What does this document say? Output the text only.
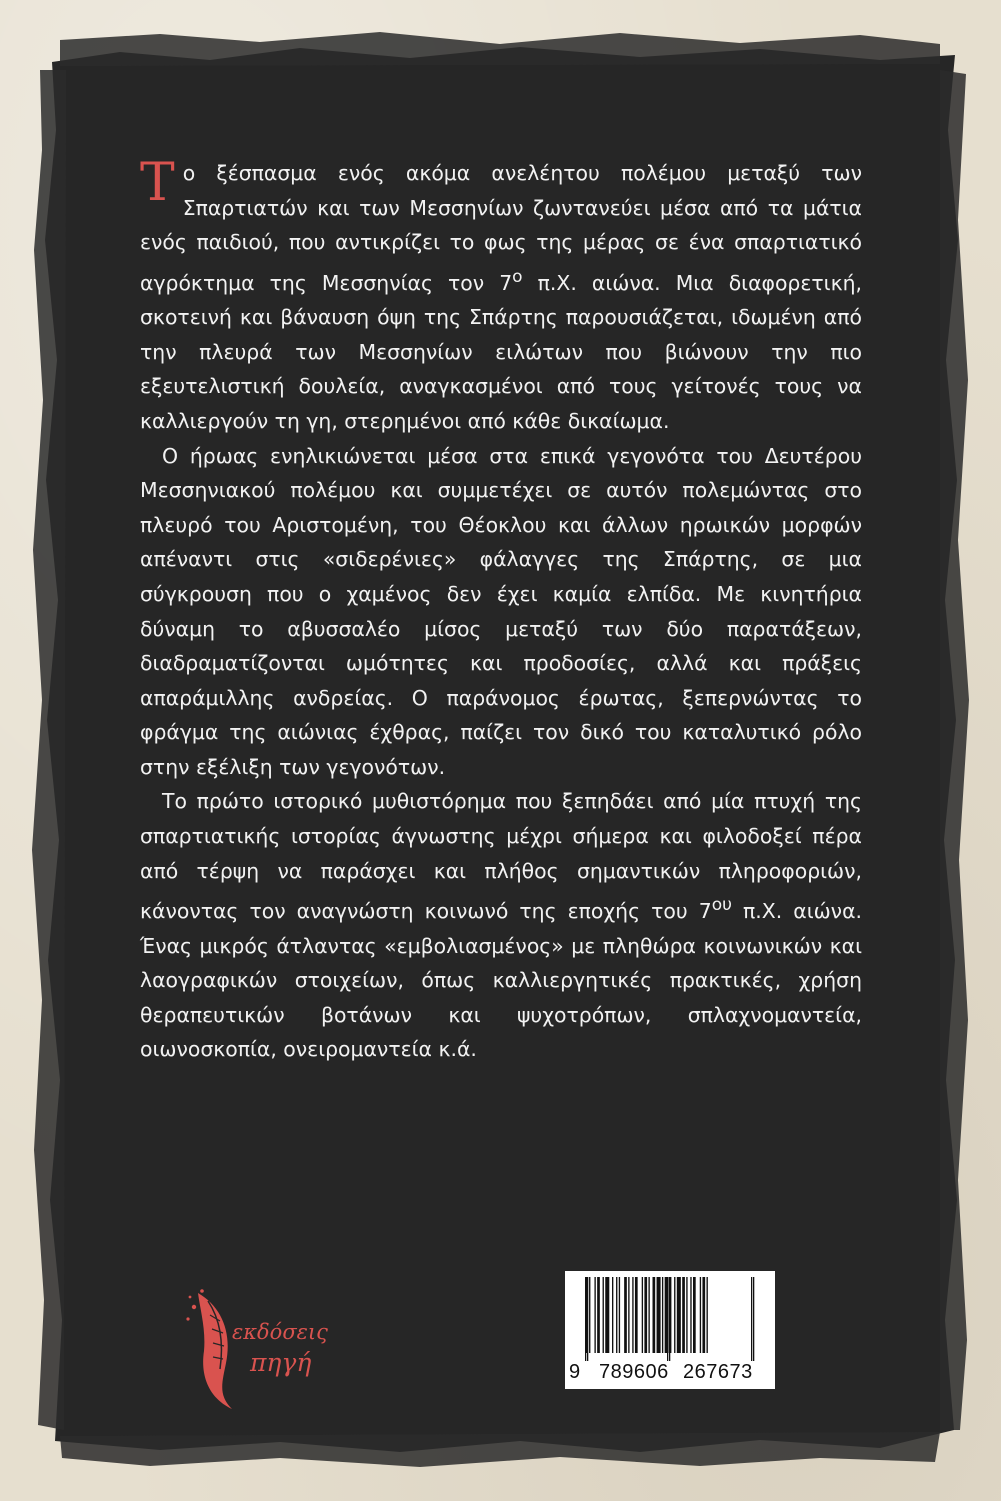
Το ξέσπασμα ενός ακόμα ανελέητου πολέμου μεταξύ των Σπαρτιατών και των Μεσσηνίων ζωντανεύει μέσα από τα μάτια ενός παιδιού, που αντικρίζει το φως της μέρας σε ένα σπαρτιατικό αγρόκτημα της Μεσσηνίας τον $7^o$ π.Χ. αιώνα. Μια διαφορετική, σκοτεινή και βάναυση όψη της Σπάρτης παρουσιάζεται, ιδωμένη από την πλευρά των Μεσσηνίων ειλώτων που βιώνουν την πιο εξευτελιστική δουλεία, αναγκασμένοι από τους γείτονές τους να καλλιεργούν τη γη, στερημένοι από κάθε δικαίωμα.

Ο ήρωας ενηλικιώνεται μέσα στα επικά γεγονότα του Δευτέρου Μεσσηνιακού πολέμου και συμμετέχει σε αυτόν πολεμώντας στο πλευρό του Αριστομένη, του Θέοκλου και άλλων ηρωικών μορφών απέναντι στις «σιδερένιες» φάλαγγες της Σπάρτης, σε μια σύγκρουση που ο χαμένος δεν έχει καμία ελπίδα. Με κινητήρια δύναμη το αβυσσαλέο μίσος μεταξύ των δύο παρατάξεων, διαδραματίζονται ωμότητες και προδοσίες, αλλά και πράξεις απαράμιλλης ανδρείας. Ο παράνομος έρωτας, ξεπερνώντας το φράγμα της αιώνιας έχθρας, παίζει τον δικό του καταλυτικό ρόλο στην εξέλιξη των γεγονότων.

Το πρώτο ιστορικό μυθιστόρημα που ξεπηδάει από μία πτυχή της σπαρτιατικής ιστορίας άγνωστης μέχρι σήμερα και φιλοδοξεί πέρα από τέρψη να παράσχει και πλήθος σημαντικών πληροφοριών, κάνοντας τον αναγνώστη κοινωνό της εποχής του $7^{o\upsilon}$ π.Χ. αιώνα. Ένας μικρός άτλαντας «εμβολιασμένος» με πληθώρα κοινωνικών και λαογραφικών στοιχείων, όπως καλλιεργητικές πρακτικές, χρήση θεραπευτικών βοτάνων και ψυχοτρόπων, σπλαχνομαντεία, οιωνοσκοπία, ονειρομαντεία κ.ά.

εκδόσεις
πηγή	9 789606 267673
